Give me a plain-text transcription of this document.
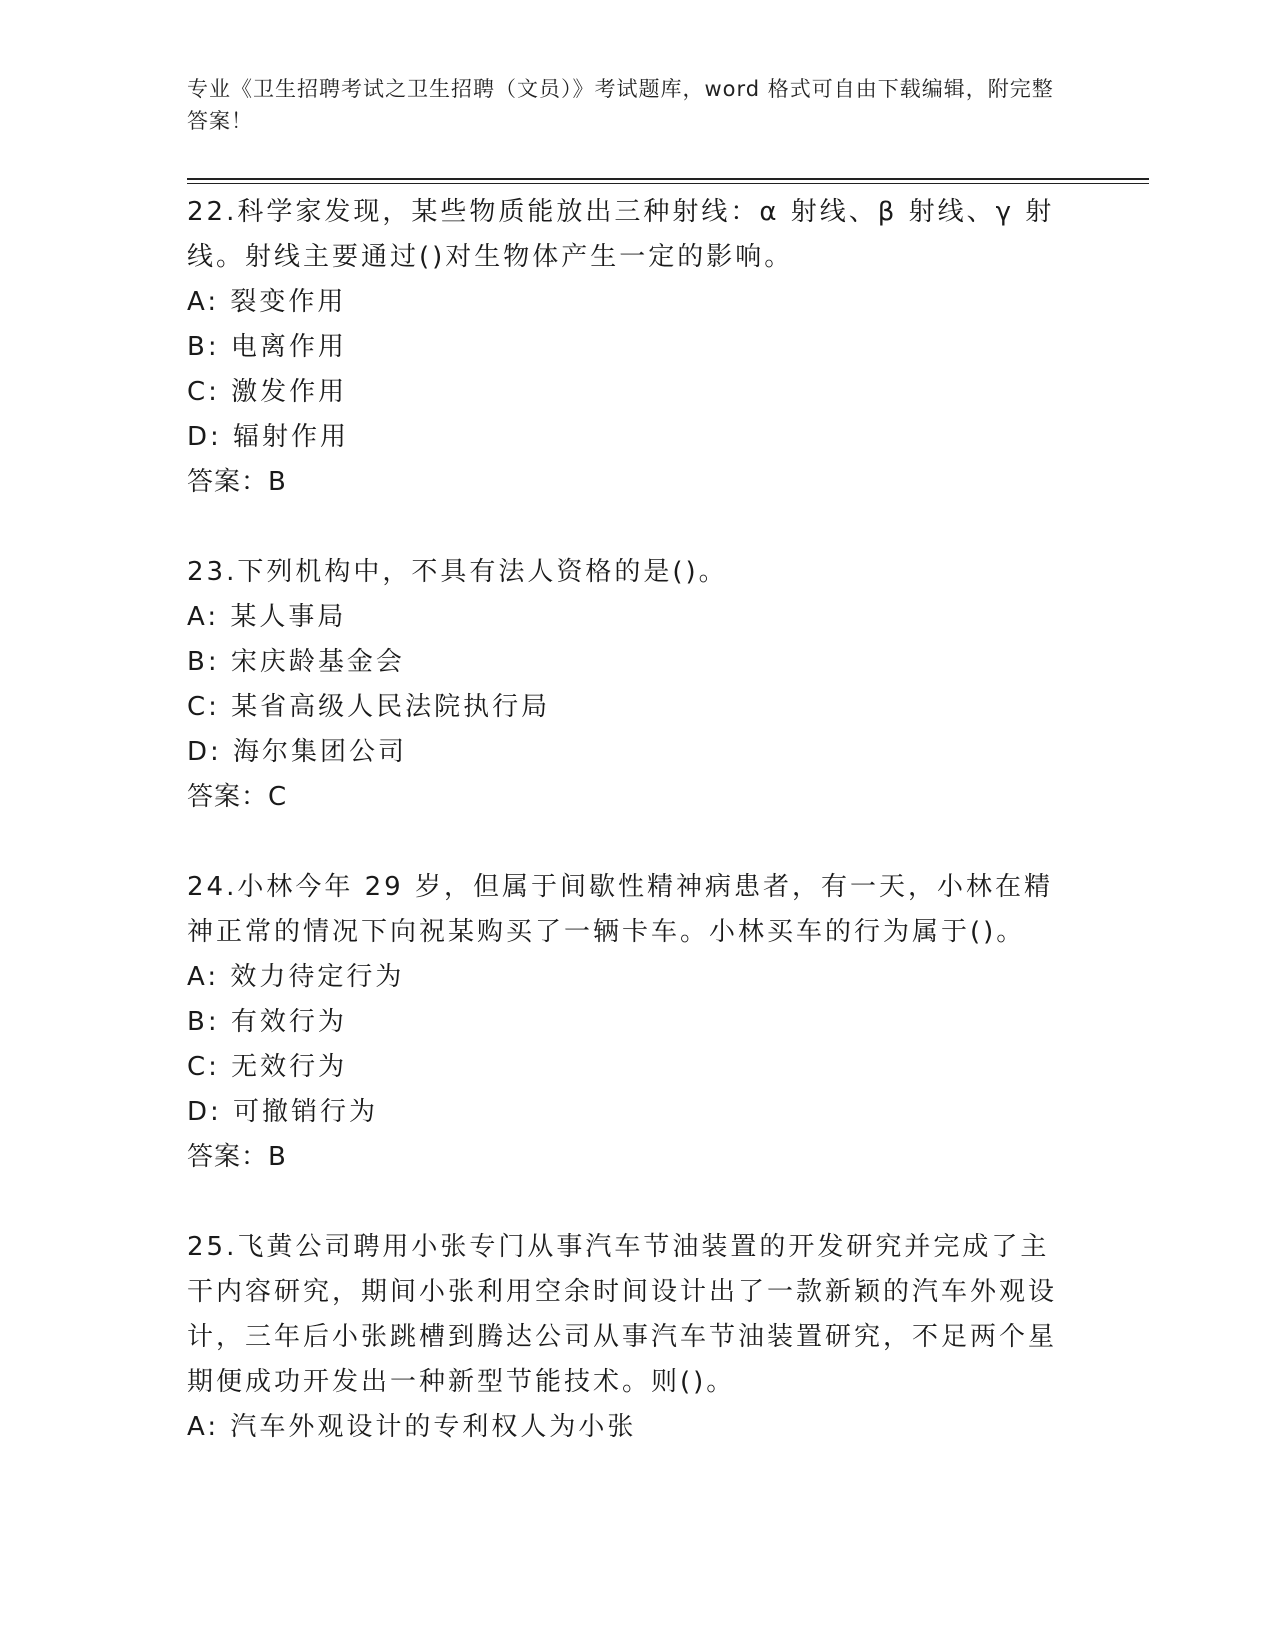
专业《卫生招聘考试之卫生招聘（文员）》考试题库，word 格式可自由下载编辑，附完整答案！

22.科学家发现，某些物质能放出三种射线：α 射线、β 射线、γ 射线。射线主要通过()对生物体产生一定的影响。

A: 裂变作用

B: 电离作用

C: 激发作用

D: 辐射作用

答案：B

23.下列机构中，不具有法人资格的是()。

A: 某人事局

B: 宋庆龄基金会

C: 某省高级人民法院执行局

D: 海尔集团公司

答案：C

24.小林今年 29 岁，但属于间歇性精神病患者，有一天，小林在精神正常的情况下向祝某购买了一辆卡车。小林买车的行为属于()。

A: 效力待定行为

B: 有效行为

C: 无效行为

D: 可撤销行为

答案：B

25.飞黄公司聘用小张专门从事汽车节油装置的开发研究并完成了主干内容研究，期间小张利用空余时间设计出了一款新颖的汽车外观设计，三年后小张跳槽到腾达公司从事汽车节油装置研究，不足两个星期便成功开发出一种新型节能技术。则()。

A: 汽车外观设计的专利权人为小张
